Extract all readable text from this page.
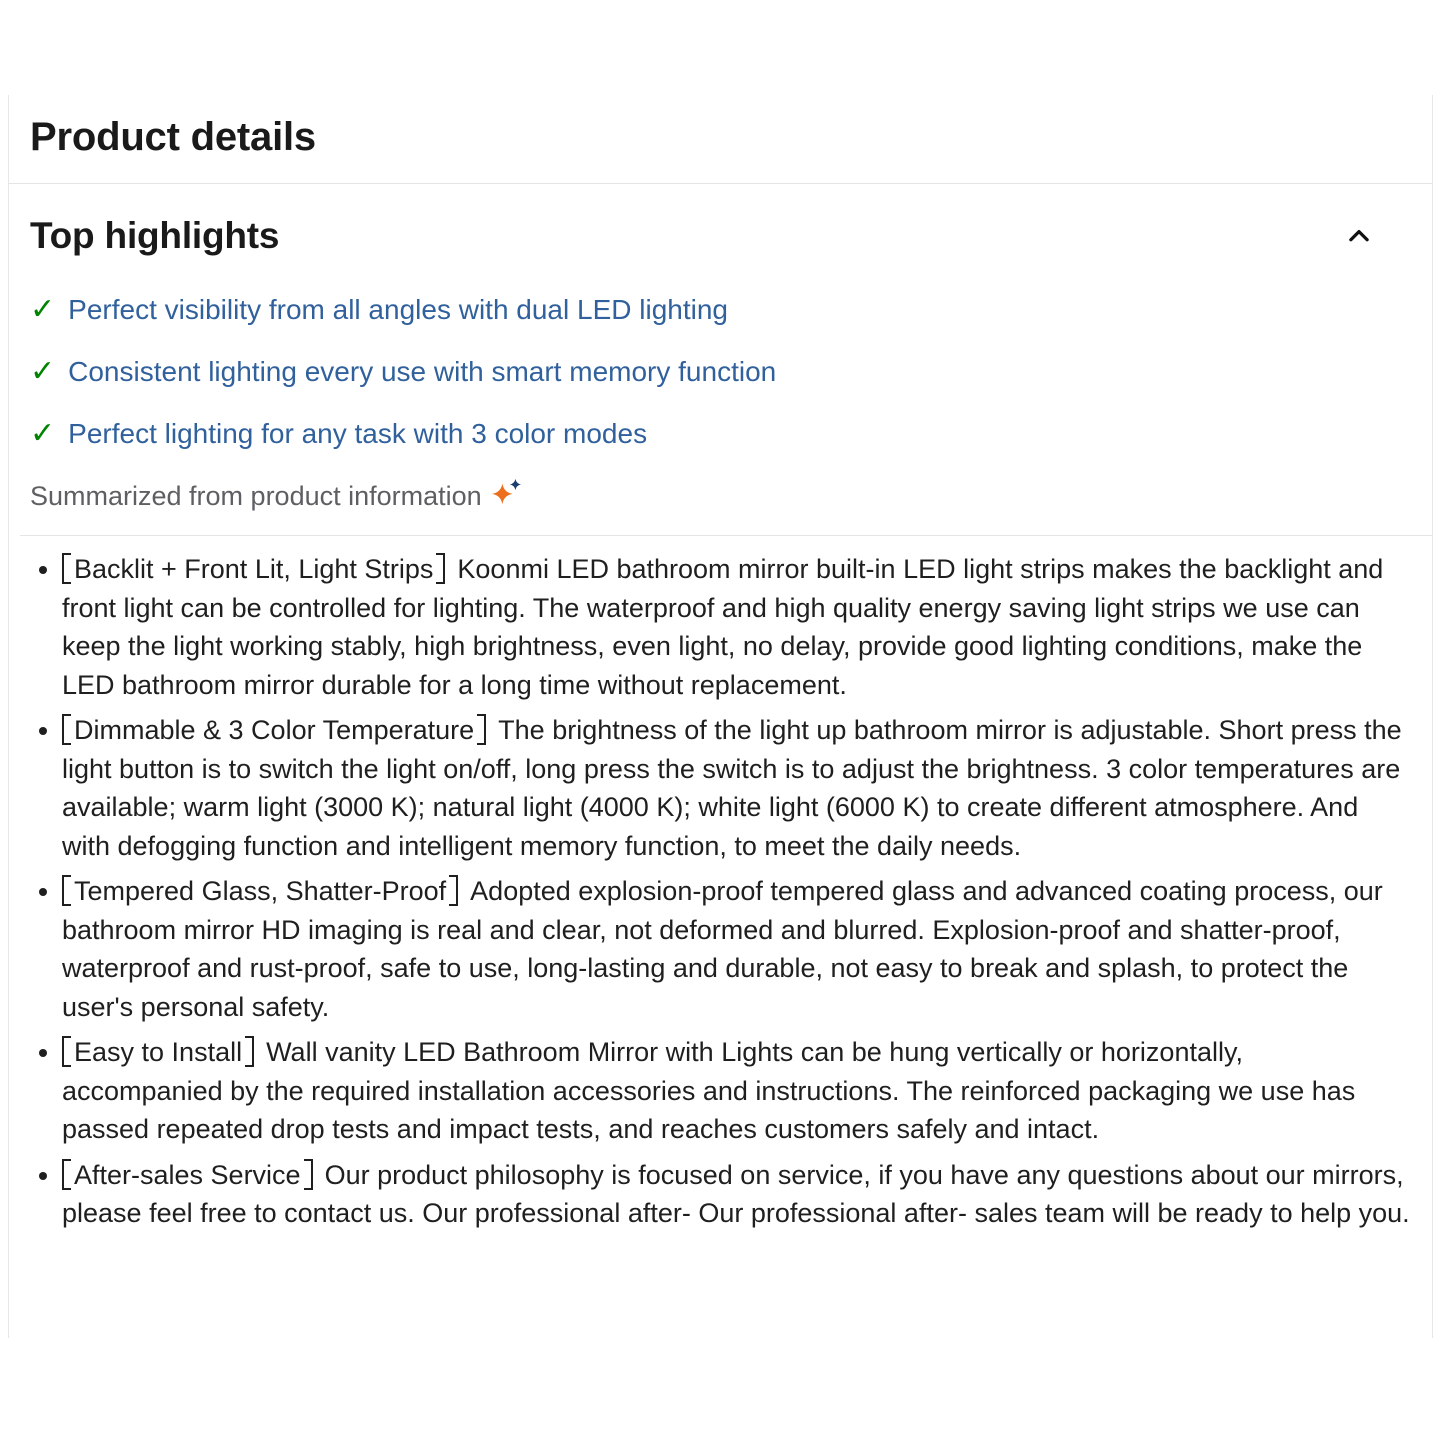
Product details
Top highlights
✓ Perfect visibility from all angles with dual LED lighting
✓ Consistent lighting every use with smart memory function
✓ Perfect lighting for any task with 3 color modes

Summarized from product information

Backlit + Front Lit, Light Strips Koonmi LED bathroom mirror built-in LED light strips makes the backlight and front light can be controlled for lighting. The waterproof and high quality energy saving light strips we use can keep the light working stably, high brightness, even light, no delay, provide good lighting conditions, make the LED bathroom mirror durable for a long time without replacement.
Dimmable & 3 Color Temperature The brightness of the light up bathroom mirror is adjustable. Short press the light button is to switch the light on/off, long press the switch is to adjust the brightness. 3 color temperatures are available; warm light (3000 K); natural light (4000 K); white light (6000 K) to create different atmosphere. And with defogging function and intelligent memory function, to meet the daily needs.
Tempered Glass, Shatter-Proof Adopted explosion-proof tempered glass and advanced coating process, our bathroom mirror HD imaging is real and clear, not deformed and blurred. Explosion-proof and shatter-proof, waterproof and rust-proof, safe to use, long-lasting and durable, not easy to break and splash, to protect the user's personal safety.
Easy to Install Wall vanity LED Bathroom Mirror with Lights can be hung vertically or horizontally, accompanied by the required installation accessories and instructions. The reinforced packaging we use has passed repeated drop tests and impact tests, and reaches customers safely and intact.
After-sales Service Our product philosophy is focused on service, if you have any questions about our mirrors, please feel free to contact us. Our professional after- Our professional after- sales team will be ready to help you.
